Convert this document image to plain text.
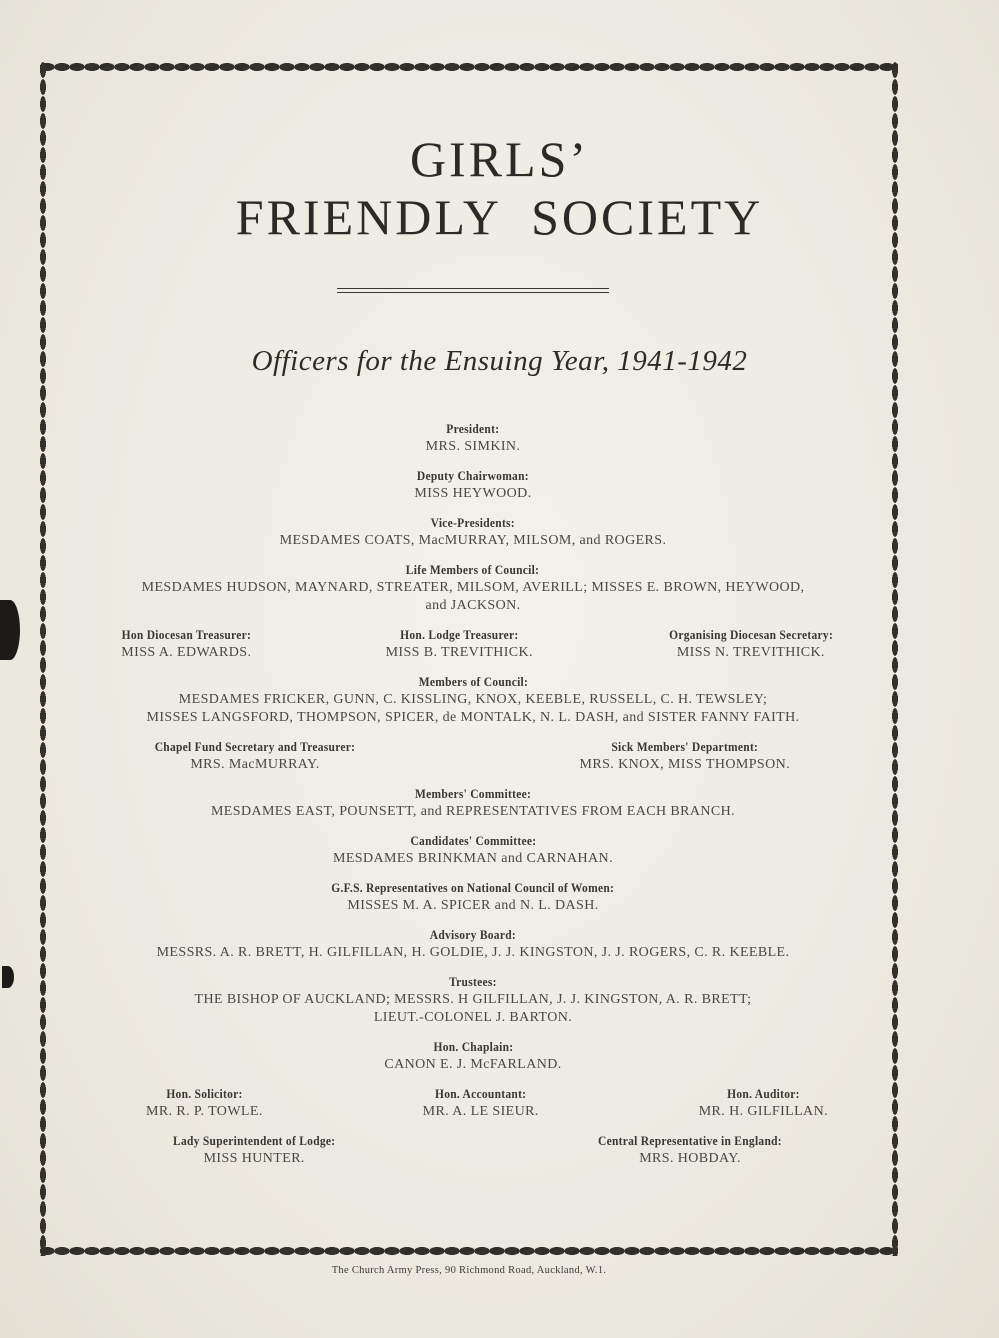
GIRLS’
FRIENDLY  SOCIETY
Officers for the Ensuing Year, 1941-1942
President:
MRS. SIMKIN.
Deputy Chairwoman:
MISS HEYWOOD.
Vice-Presidents:
MESDAMES COATS, MacMURRAY, MILSOM, and ROGERS.
Life Members of Council:
MESDAMES HUDSON, MAYNARD, STREATER, MILSOM, AVERILL; MISSES E. BROWN, HEYWOOD,
and JACKSON.
Hon Diocesan Treasurer:
MISS A. EDWARDS.
Hon. Lodge Treasurer:
MISS B. TREVITHICK.
Organising Diocesan Secretary:
MISS N. TREVITHICK.
Members of Council:
MESDAMES FRICKER, GUNN, C. KISSLING, KNOX, KEEBLE, RUSSELL, C. H. TEWSLEY;
MISSES LANGSFORD, THOMPSON, SPICER, de MONTALK, N. L. DASH, and SISTER FANNY FAITH.
Chapel Fund Secretary and Treasurer:
MRS. MacMURRAY.
Sick Members' Department:
MRS. KNOX, MISS THOMPSON.
Members' Committee:
MESDAMES EAST, POUNSETT, and REPRESENTATIVES FROM EACH BRANCH.
Candidates' Committee:
MESDAMES BRINKMAN and CARNAHAN.
G.F.S. Representatives on National Council of Women:
MISSES M. A. SPICER and N. L. DASH.
Advisory Board:
MESSRS. A. R. BRETT, H. GILFILLAN, H. GOLDIE, J. J. KINGSTON, J. J. ROGERS, C. R. KEEBLE.
Trustees:
THE BISHOP OF AUCKLAND; MESSRS. H GILFILLAN, J. J. KINGSTON, A. R. BRETT;
LIEUT.-COLONEL J. BARTON.
Hon. Chaplain:
CANON E. J. McFARLAND.
Hon. Solicitor:
MR. R. P. TOWLE.
Hon. Accountant:
MR. A. LE SIEUR.
Hon. Auditor:
MR. H. GILFILLAN.
Lady Superintendent of Lodge:
MISS HUNTER.
Central Representative in England:
MRS. HOBDAY.
The Church Army Press, 90 Richmond Road, Auckland, W.1.
